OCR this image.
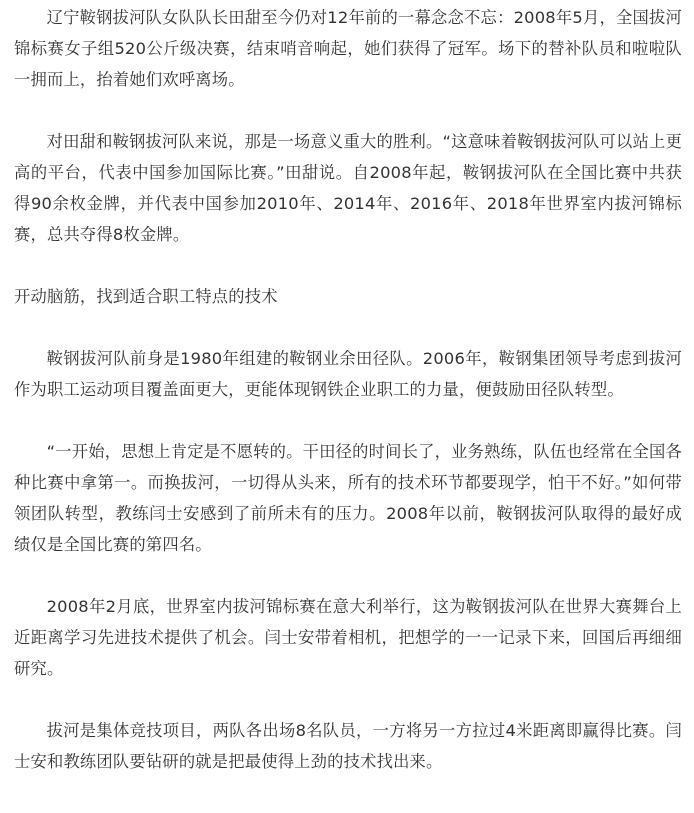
辽宁鞍钢拔河队女队队长田甜至今仍对12年前的一幕念念不忘：2008年5月，全国拔河锦标赛女子组520公斤级决赛，结束哨音响起，她们获得了冠军。场下的替补队员和啦啦队一拥而上，抬着她们欢呼离场。

对田甜和鞍钢拔河队来说，那是一场意义重大的胜利。“这意味着鞍钢拔河队可以站上更高的平台，代表中国参加国际比赛。”田甜说。自2008年起，鞍钢拔河队在全国比赛中共获得90余枚金牌，并代表中国参加2010年、2014年、2016年、2018年世界室内拔河锦标赛，总共夺得8枚金牌。

开动脑筋，找到适合职工特点的技术

鞍钢拔河队前身是1980年组建的鞍钢业余田径队。2006年，鞍钢集团领导考虑到拔河作为职工运动项目覆盖面更大，更能体现钢铁企业职工的力量，便鼓励田径队转型。

“一开始，思想上肯定是不愿转的。干田径的时间长了，业务熟练，队伍也经常在全国各种比赛中拿第一。而换拔河，一切得从头来，所有的技术环节都要现学，怕干不好。”如何带领团队转型，教练闫士安感到了前所未有的压力。2008年以前，鞍钢拔河队取得的最好成绩仅是全国比赛的第四名。

2008年2月底，世界室内拔河锦标赛在意大利举行，这为鞍钢拔河队在世界大赛舞台上近距离学习先进技术提供了机会。闫士安带着相机，把想学的一一记录下来，回国后再细细研究。

拔河是集体竞技项目，两队各出场8名队员，一方将另一方拉过4米距离即赢得比赛。闫士安和教练团队要钻研的就是把最使得上劲的技术找出来。
